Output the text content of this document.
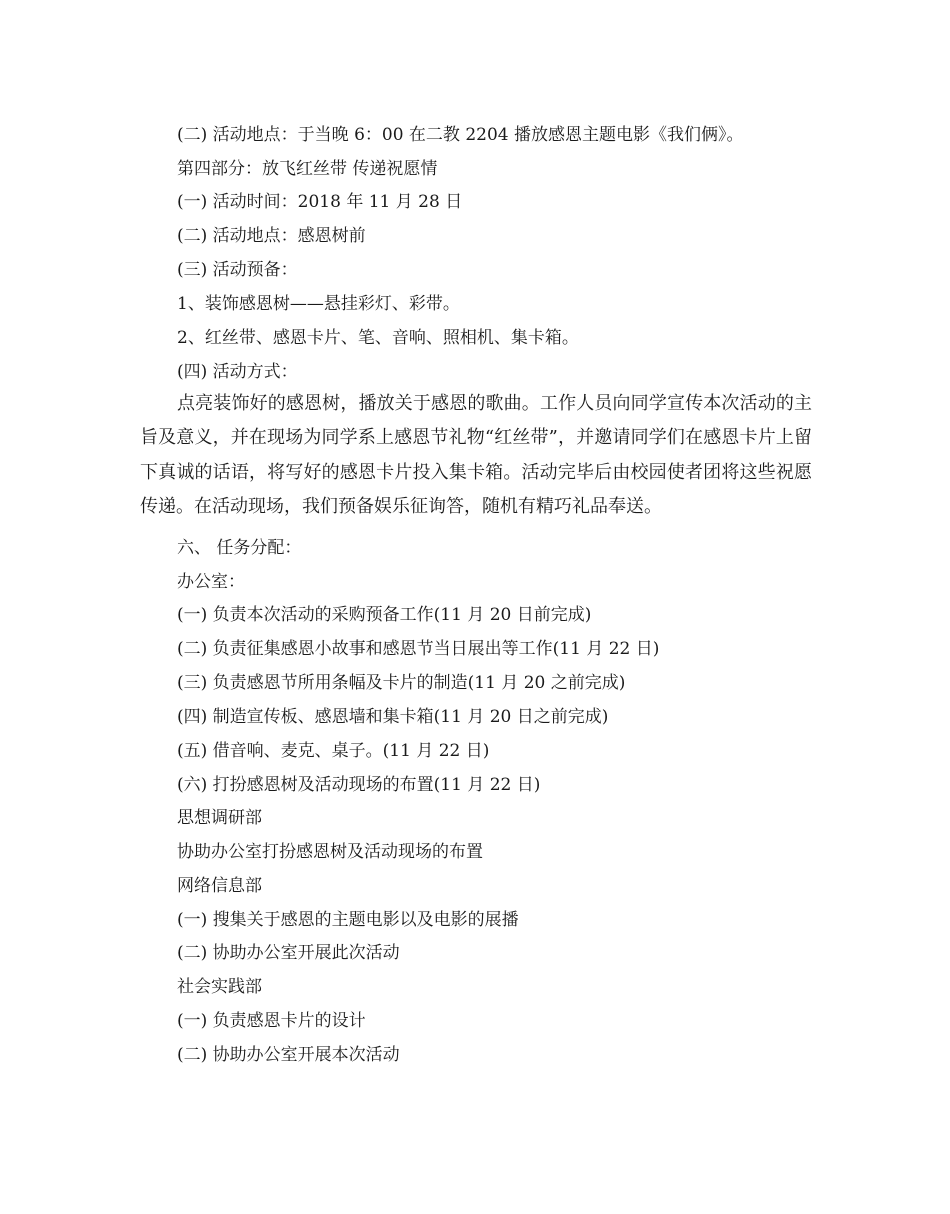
(二) 活动地点：于当晚 6：00 在二教 2204 播放感恩主题电影《我们俩》。
第四部分：放飞红丝带 传递祝愿情
(一) 活动时间：2018 年 11 月 28 日
(二) 活动地点：感恩树前
(三) 活动预备：
1、装饰感恩树——悬挂彩灯、彩带。
2、红丝带、感恩卡片、笔、音响、照相机、集卡箱。
(四) 活动方式：
点亮装饰好的感恩树，播放关于感恩的歌曲。工作人员向同学宣传本次活动的主旨及意义，并在现场为同学系上感恩节礼物“红丝带”，并邀请同学们在感恩卡片上留下真诚的话语，将写好的感恩卡片投入集卡箱。活动完毕后由校园使者团将这些祝愿传递。在活动现场，我们预备娱乐征询答，随机有精巧礼品奉送。
六、 任务分配：
办公室：
(一) 负责本次活动的采购预备工作(11 月 20 日前完成)
(二) 负责征集感恩小故事和感恩节当日展出等工作(11 月 22 日)
(三) 负责感恩节所用条幅及卡片的制造(11 月 20 之前完成)
(四) 制造宣传板、感恩墙和集卡箱(11 月 20 日之前完成)
(五) 借音响、麦克、桌子。(11 月 22 日)
(六) 打扮感恩树及活动现场的布置(11 月 22 日)
思想调研部
协助办公室打扮感恩树及活动现场的布置
网络信息部
(一) 搜集关于感恩的主题电影以及电影的展播
(二) 协助办公室开展此次活动
社会实践部
(一) 负责感恩卡片的设计
(二) 协助办公室开展本次活动
